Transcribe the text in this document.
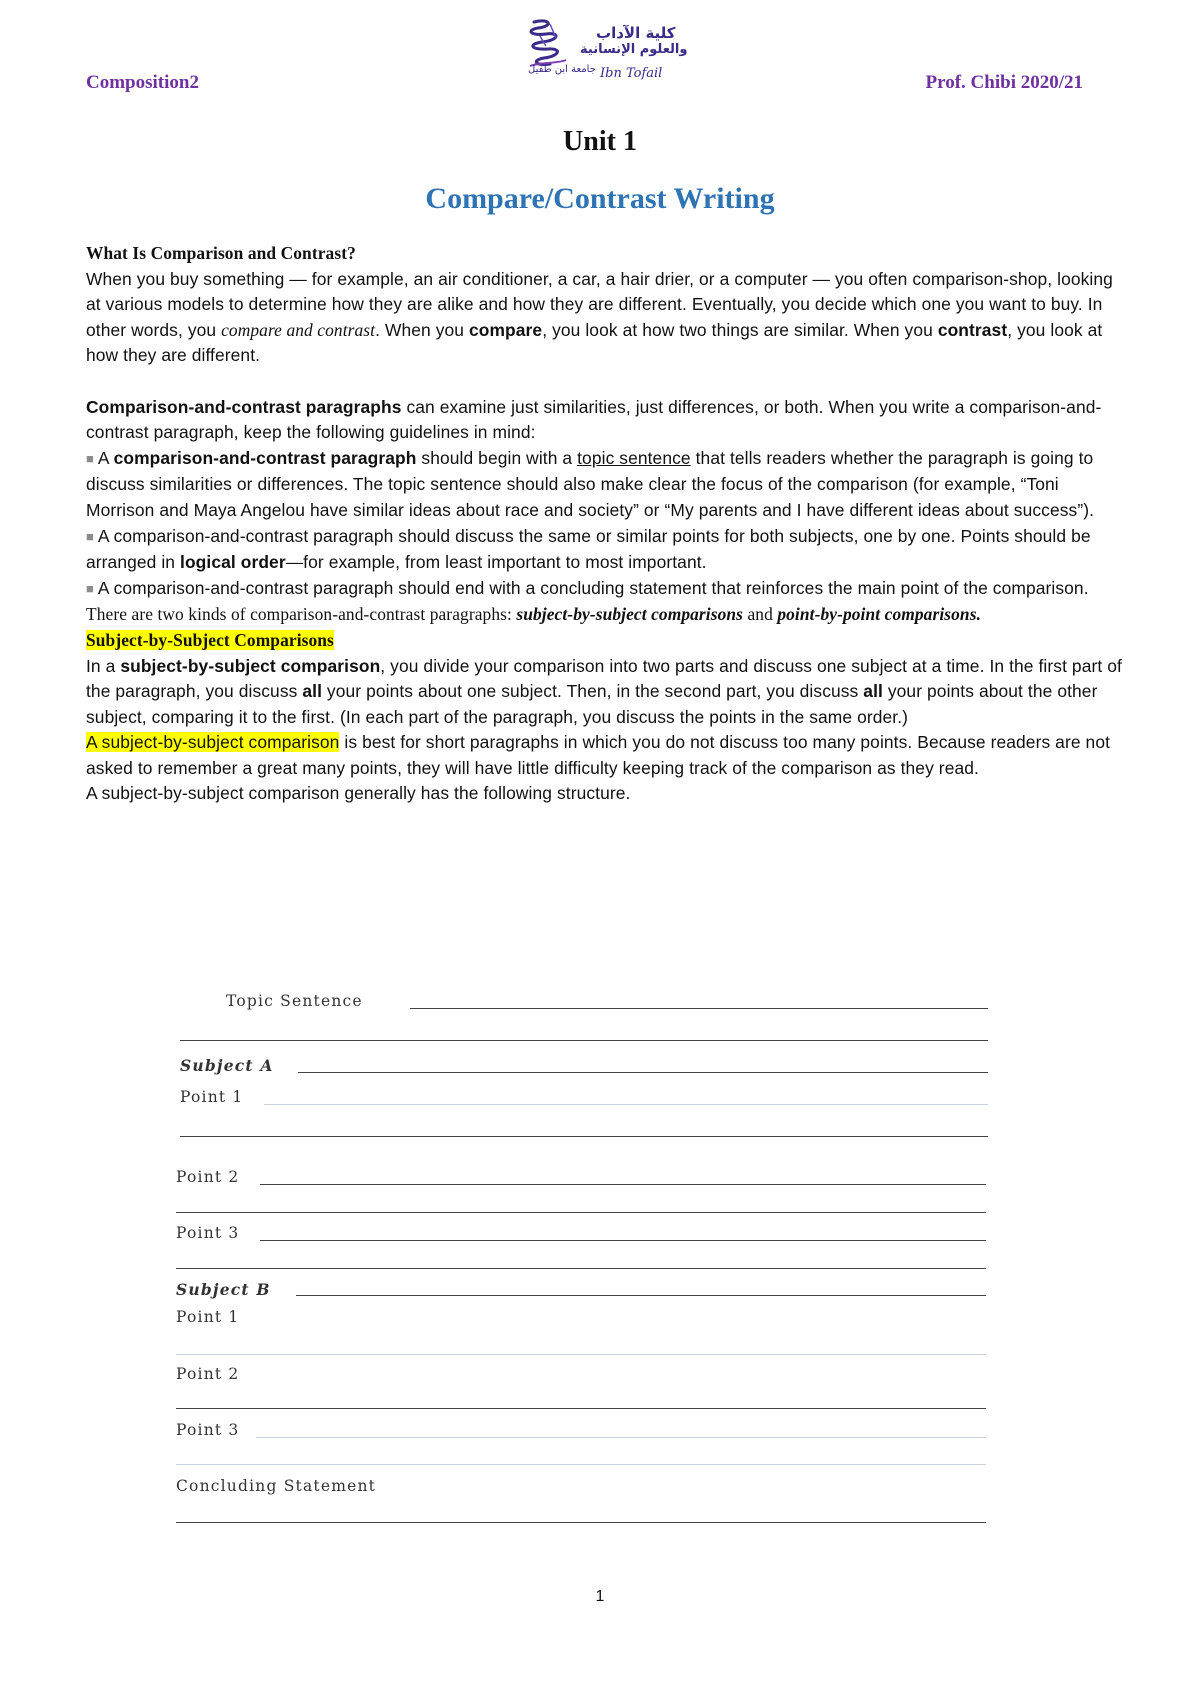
Composition2
كلية الآداب
والعلوم الإنسانية
جامعة ابن طفيل Ibn Tofail	Prof. Chibi 2020/21
Unit 1
Compare/Contrast Writing

What Is Comparison and Contrast?

When you buy something — for example, an air conditioner, a car, a hair drier, or a computer — you often comparison-shop, looking at various models to determine how they are alike and how they are different. Eventually, you decide which one you want to buy. In other words, you compare and contrast. When you compare, you look at how two things are similar. When you contrast, you look at how they are different.

Comparison-and-contrast paragraphs can examine just similarities, just differences, or both. When you write a comparison-and-contrast paragraph, keep the following guidelines in mind:

■ A comparison-and-contrast paragraph should begin with a topic sentence that tells readers whether the paragraph is going to discuss similarities or differences. The topic sentence should also make clear the focus of the comparison (for example, “Toni Morrison and Maya Angelou have similar ideas about race and society” or “My parents and I have different ideas about success”).

■ A comparison-and-contrast paragraph should discuss the same or similar points for both subjects, one by one. Points should be arranged in logical order—for example, from least important to most important.

■ A comparison-and-contrast paragraph should end with a concluding statement that reinforces the main point of the comparison.

There are two kinds of comparison-and-contrast paragraphs: subject-by-subject comparisons and point-by-point comparisons.

Subject-by-Subject Comparisons

In a subject-by-subject comparison, you divide your comparison into two parts and discuss one subject at a time. In the first part of the paragraph, you discuss all your points about one subject. Then, in the second part, you discuss all your points about the other subject, comparing it to the first. (In each part of the paragraph, you discuss the points in the same order.)

A subject-by-subject comparison is best for short paragraphs in which you do not discuss too many points. Because readers are not asked to remember a great many points, they will have little difficulty keeping track of the comparison as they read.

A subject-by-subject comparison generally has the following structure.

Topic Sentence
Subject A
Point 1
Point 2
Point 3
Subject B
Point 1
Point 2
Point 3
Concluding Statement
1
